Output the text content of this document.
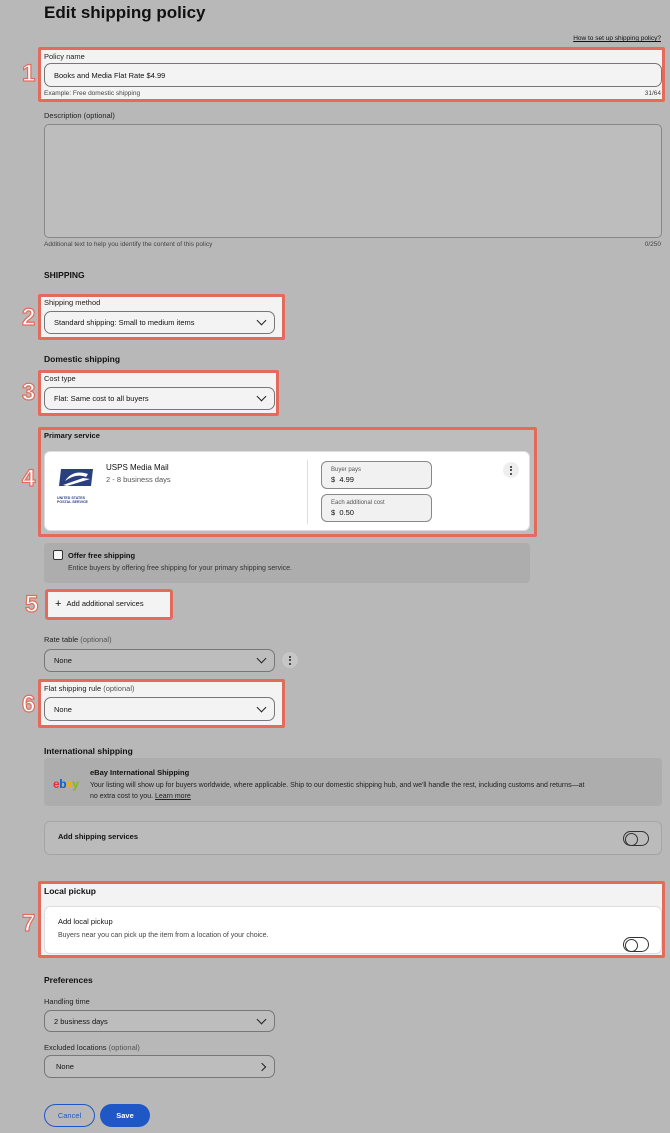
Edit shipping policy
How to set up shipping policy?
1
Policy name
Books and Media Flat Rate $4.99
Example: Free domestic shipping	31/64
Description (optional)
Additional text to help you identify the content of this policy	0/250
SHIPPING
2
Shipping method
Standard shipping: Small to medium items
Domestic shipping
3
Cost type
Flat: Same cost to all buyers
4
Primary service
UNITED STATES POSTAL SERVICE
USPS Media Mail
2 - 8 business days
Buyer pays
$ 4.99
Each additional cost
$ 0.50
Offer free shipping
Entice buyers by offering free shipping for your primary shipping service.
5 + Add additional services
Rate table (optional)
None
6
Flat shipping rule (optional)
None
International shipping
ebay
eBay International Shipping
Your listing will show up for buyers worldwide, where applicable. Ship to our domestic shipping hub, and we'll handle the rest, including customs and returns—at
no extra cost to you. Learn more
Add shipping services
7
Local pickup
Add local pickup
Buyers near you can pick up the item from a location of your choice.
Preferences
Handling time
2 business days
Excluded locations (optional)
None
Cancel	Save
